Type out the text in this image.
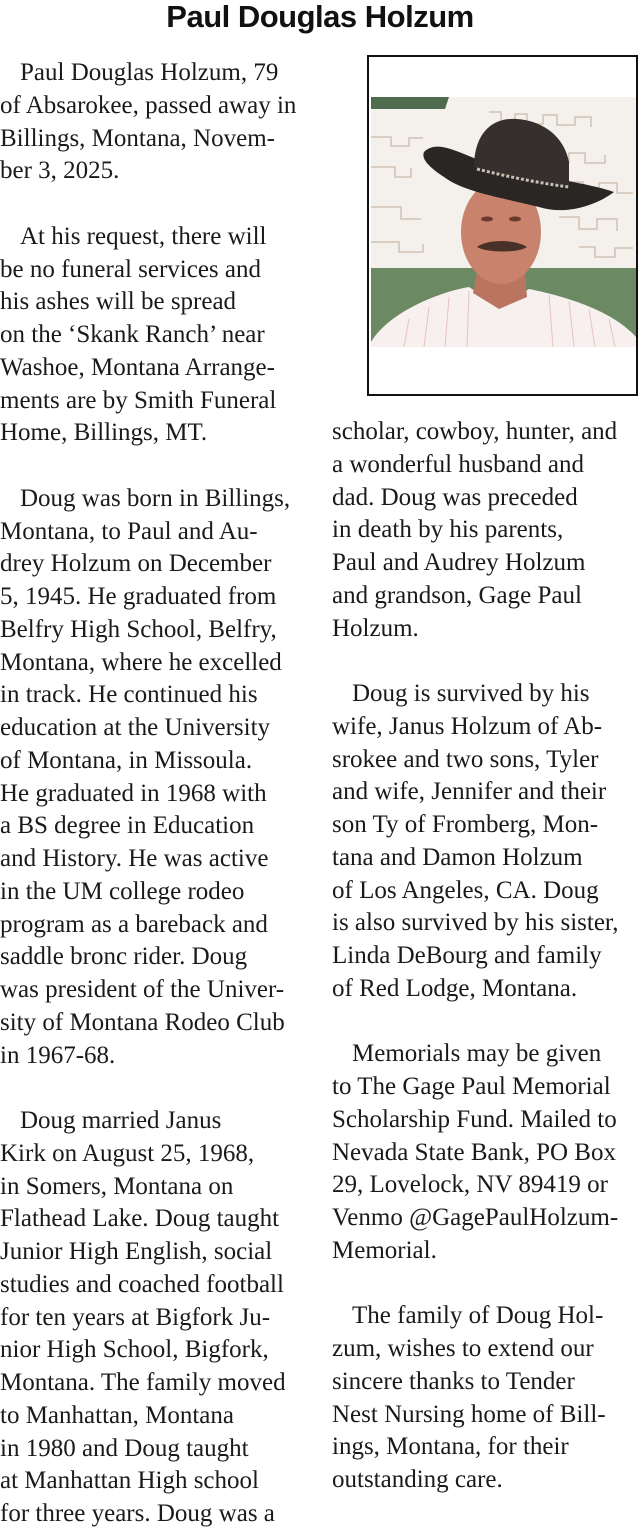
Paul Douglas Holzum
Paul Douglas Holzum, 79
of Absarokee, passed away in
Billings, Montana, Novem-
ber 3, 2025.
At his request, there will
be no funeral services and
his ashes will be spread
on the ‘Skank Ranch’ near
Washoe, Montana Arrange-
ments are by Smith Funeral
Home, Billings, MT.
Doug was born in Billings,
Montana, to Paul and Au-
drey Holzum on December
5, 1945. He graduated from
Belfry High School, Belfry,
Montana, where he excelled
in track. He continued his
education at the University
of Montana, in Missoula.
He graduated in 1968 with
a BS degree in Education
and History. He was active
in the UM college rodeo
program as a bareback and
saddle bronc rider. Doug
was president of the Univer-
sity of Montana Rodeo Club
in 1967-68.
Doug married Janus
Kirk on August 25, 1968,
in Somers, Montana on
Flathead Lake. Doug taught
Junior High English, social
studies and coached football
for ten years at Bigfork Ju-
nior High School, Bigfork,
Montana. The family moved
to Manhattan, Montana
in 1980 and Doug taught
at Manhattan High school
for three years. Doug was a
scholar, cowboy, hunter, and
a wonderful husband and
dad. Doug was preceded
in death by his parents,
Paul and Audrey Holzum
and grandson, Gage Paul
Holzum.
Doug is survived by his
wife, Janus Holzum of Ab-
srokee and two sons, Tyler
and wife, Jennifer and their
son Ty of Fromberg, Mon-
tana and Damon Holzum
of Los Angeles, CA. Doug
is also survived by his sister,
Linda DeBourg and family
of Red Lodge, Montana.
Memorials may be given
to The Gage Paul Memorial
Scholarship Fund. Mailed to
Nevada State Bank, PO Box
29, Lovelock, NV 89419 or
Venmo @GagePaulHolzum-
Memorial.
The family of Doug Hol-
zum, wishes to extend our
sincere thanks to Tender
Nest Nursing home of Bill-
ings, Montana, for their
outstanding care.
